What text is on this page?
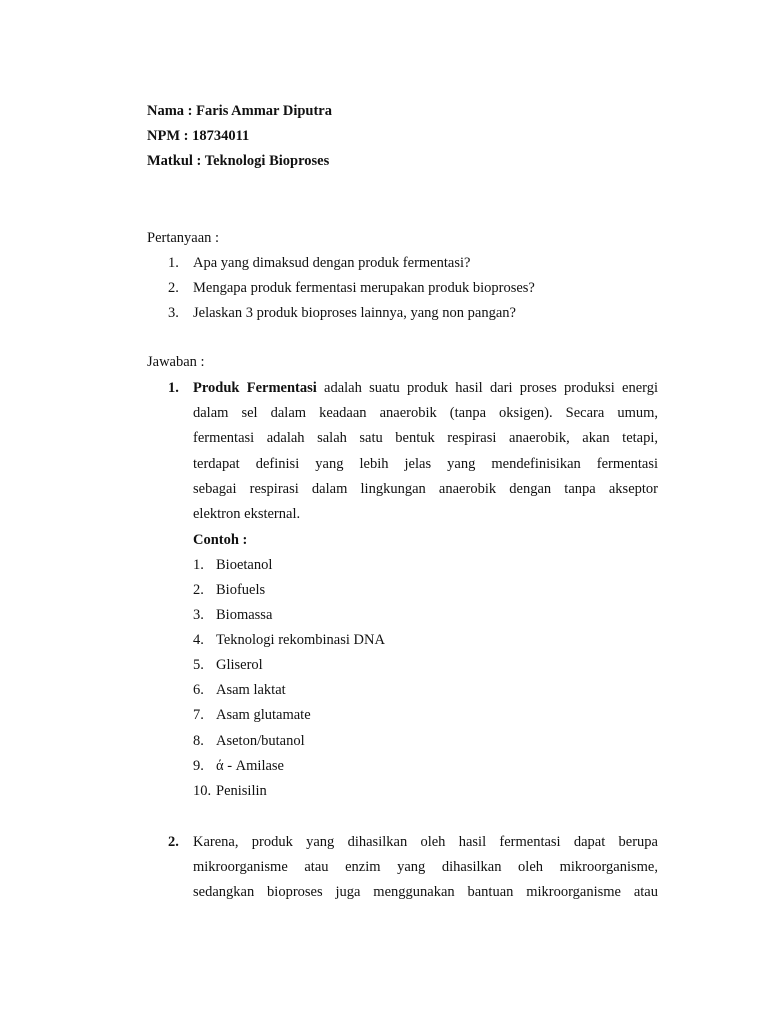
Nama : Faris Ammar Diputra
NPM : 18734011
Matkul : Teknologi Bioproses
Pertanyaan :
1. Apa yang dimaksud dengan produk fermentasi?
2. Mengapa produk fermentasi merupakan produk bioproses?
3. Jelaskan 3 produk bioproses lainnya, yang non pangan?
Jawaban :
1. Produk Fermentasi adalah suatu produk hasil dari proses produksi energi
dalam sel dalam keadaan anaerobik (tanpa oksigen). Secara umum,
fermentasi adalah salah satu bentuk respirasi anaerobik, akan tetapi,
terdapat definisi yang lebih jelas yang mendefinisikan fermentasi
sebagai respirasi dalam lingkungan anaerobik dengan tanpa akseptor
elektron eksternal.
Contoh :
1. Bioetanol
2. Biofuels
3. Biomassa
4. Teknologi rekombinasi DNA
5. Gliserol
6. Asam laktat
7. Asam glutamate
8. Aseton/butanol
9. ά - Amilase
10. Penisilin
2. Karena, produk yang dihasilkan oleh hasil fermentasi dapat berupa
mikroorganisme atau enzim yang dihasilkan oleh mikroorganisme,
sedangkan bioproses juga menggunakan bantuan mikroorganisme atau
